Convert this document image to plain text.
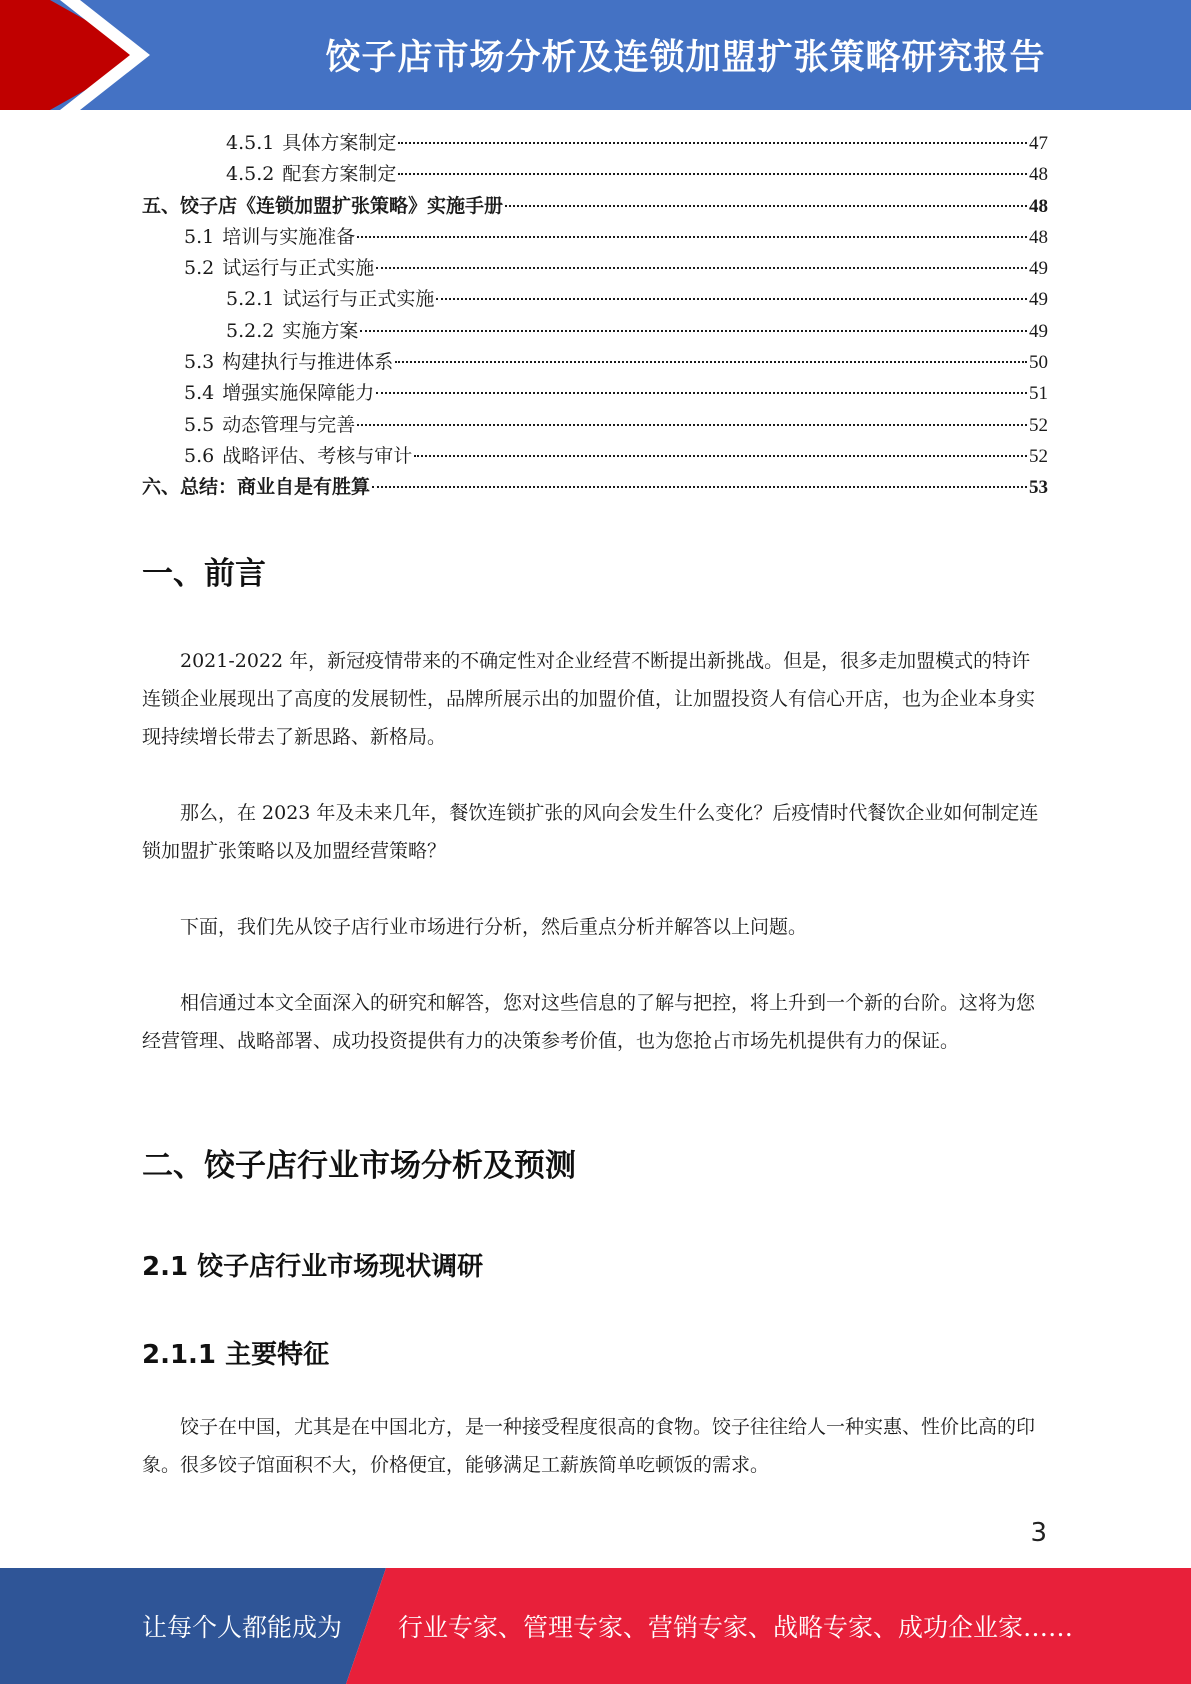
饺子店市场分析及连锁加盟扩张策略研究报告
4.5.1 具体方案制定	47
4.5.2 配套方案制定	48
五、饺子店《连锁加盟扩张策略》实施手册	48
5.1 培训与实施准备	48
5.2 试运行与正式实施	49
5.2.1 试运行与正式实施	49
5.2.2 实施方案	49
5.3 构建执行与推进体系	50
5.4 增强实施保障能力	51
5.5 动态管理与完善	52
5.6 战略评估、考核与审计	52
六、总结：商业自是有胜算	53
一、前言

2021-2022 年，新冠疫情带来的不确定性对企业经营不断提出新挑战。但是，很多走加盟模式的特许连锁企业展现出了高度的发展韧性，品牌所展示出的加盟价值，让加盟投资人有信心开店，也为企业本身实现持续增长带去了新思路、新格局。

那么，在 2023 年及未来几年，餐饮连锁扩张的风向会发生什么变化？后疫情时代餐饮企业如何制定连锁加盟扩张策略以及加盟经营策略？

下面，我们先从饺子店行业市场进行分析，然后重点分析并解答以上问题。

相信通过本文全面深入的研究和解答，您对这些信息的了解与把控，将上升到一个新的台阶。这将为您经营管理、战略部署、成功投资提供有力的决策参考价值，也为您抢占市场先机提供有力的保证。

二、饺子店行业市场分析及预测
2.1 饺子店行业市场现状调研
2.1.1 主要特征

饺子在中国，尤其是在中国北方，是一种接受程度很高的食物。饺子往往给人一种实惠、性价比高的印象。很多饺子馆面积不大，价格便宜，能够满足工薪族简单吃顿饭的需求。

3
让每个人都能成为 行业专家、管理专家、营销专家、战略专家、成功企业家……
